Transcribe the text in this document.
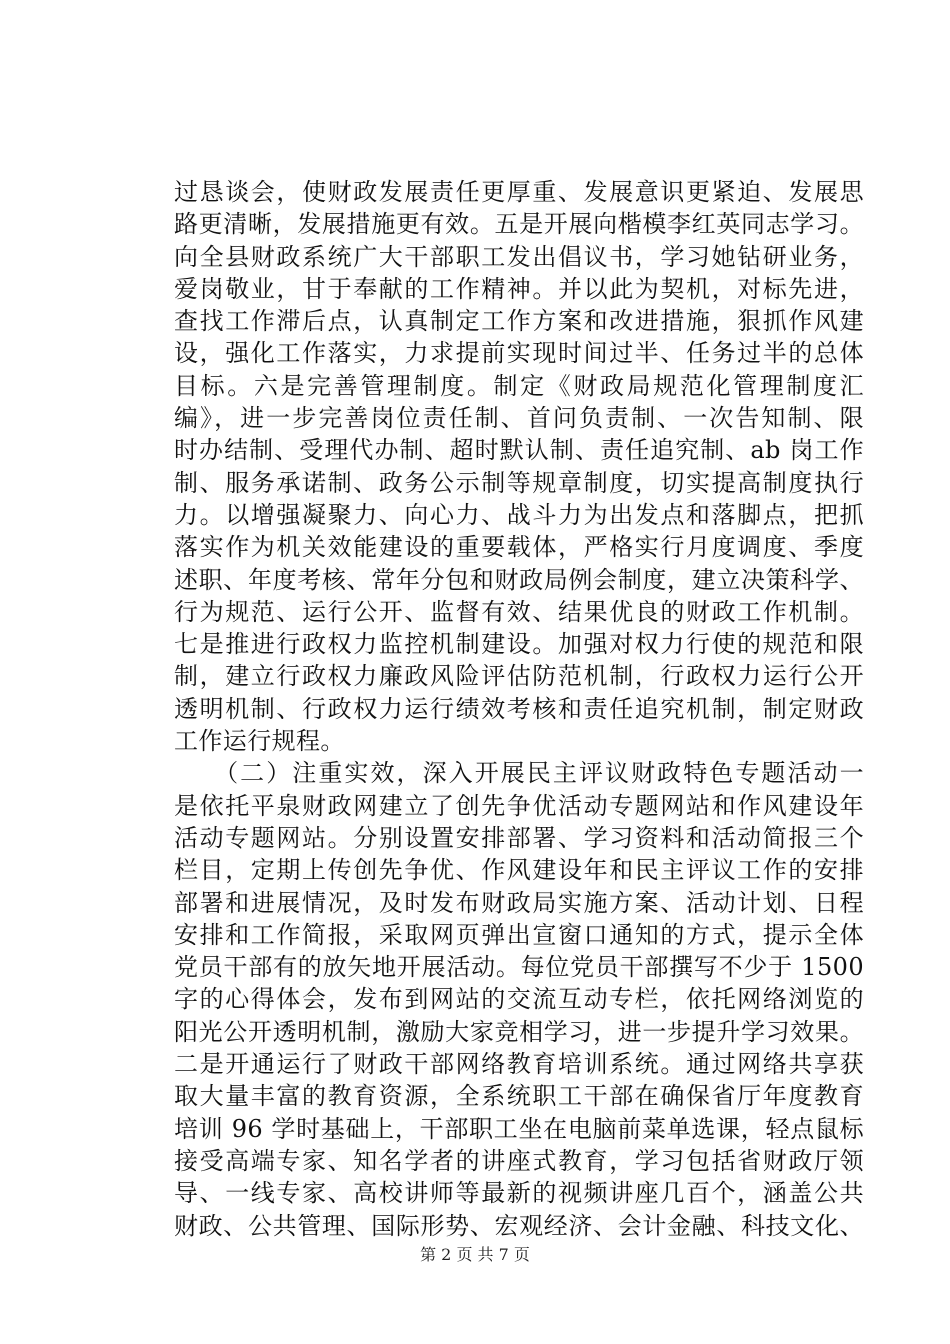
过恳谈会，使财政发展责任更厚重、发展意识更紧迫、发展思
路更清晰，发展措施更有效。五是开展向楷模李红英同志学习。
向全县财政系统广大干部职工发出倡议书，学习她钻研业务，
爱岗敬业，甘于奉献的工作精神。并以此为契机，对标先进，
查找工作滞后点，认真制定工作方案和改进措施，狠抓作风建
设，强化工作落实，力求提前实现时间过半、任务过半的总体
目标。六是完善管理制度。制定《财政局规范化管理制度汇
编》，进一步完善岗位责任制、首问负责制、一次告知制、限
时办结制、受理代办制、超时默认制、责任追究制、ab 岗工作
制、服务承诺制、政务公示制等规章制度，切实提高制度执行
力。以增强凝聚力、向心力、战斗力为出发点和落脚点，把抓
落实作为机关效能建设的重要载体，严格实行月度调度、季度
述职、年度考核、常年分包和财政局例会制度，建立决策科学、
行为规范、运行公开、监督有效、结果优良的财政工作机制。
七是推进行政权力监控机制建设。加强对权力行使的规范和限
制，建立行政权力廉政风险评估防范机制，行政权力运行公开
透明机制、行政权力运行绩效考核和责任追究机制，制定财政
工作运行规程。
　　（二）注重实效，深入开展民主评议财政特色专题活动一
是依托平泉财政网建立了创先争优活动专题网站和作风建设年
活动专题网站。分别设置安排部署、学习资料和活动简报三个
栏目，定期上传创先争优、作风建设年和民主评议工作的安排
部署和进展情况，及时发布财政局实施方案、活动计划、日程
安排和工作简报，采取网页弹出宣窗口通知的方式，提示全体
党员干部有的放矢地开展活动。每位党员干部撰写不少于 1500
字的心得体会，发布到网站的交流互动专栏，依托网络浏览的
阳光公开透明机制，激励大家竞相学习，进一步提升学习效果。
二是开通运行了财政干部网络教育培训系统。通过网络共享获
取大量丰富的教育资源，全系统职工干部在确保省厅年度教育
培训 96 学时基础上，干部职工坐在电脑前菜单选课，轻点鼠标
接受高端专家、知名学者的讲座式教育，学习包括省财政厅领
导、一线专家、高校讲师等最新的视频讲座几百个，涵盖公共
财政、公共管理、国际形势、宏观经济、会计金融、科技文化、
第 2 页 共 7 页
